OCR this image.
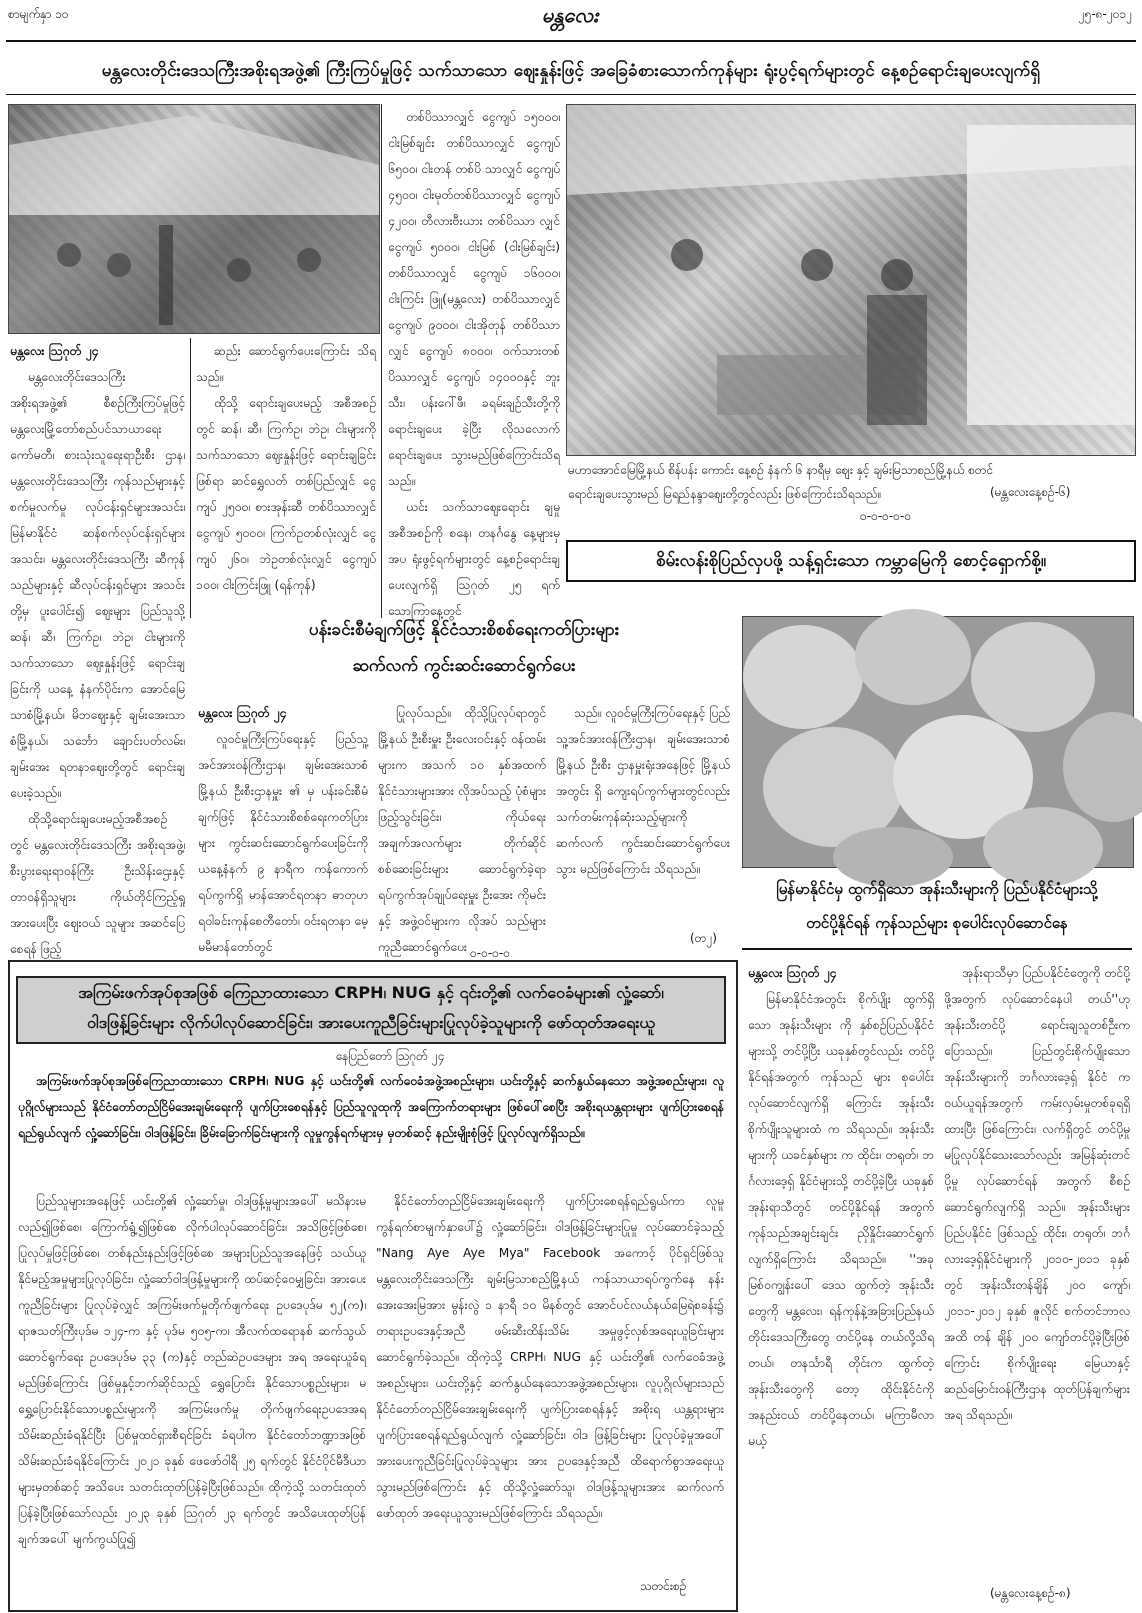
စာမျက်နှာ ၁၀	မန္တလေး	၂၅-၈-၂၀၁၂
မန္တလေးတိုင်းဒေသကြီးအစိုးရအဖွဲ့၏ ကြီးကြပ်မှုဖြင့် သက်သာသော ဈေးနှုန်းဖြင့် အခြေခံစားသောက်ကုန်များ ရုံးပွင့်ရက်များတွင် နေ့စဉ်ရောင်းချပေးလျက်ရှိ
မန္တလေး ဩဂုတ် ၂၄

မန္တလေးတိုင်းဒေသကြီး အစိုးရအဖွဲ့၏ စီစဉ်ကြီးကြပ်မှုဖြင့် မန္တလေးမြို့တော်စည်ပင်သာယာရေး ကော်မတီ၊ စားသုံးသူရေးရာဦးစီး ဌာန၊ မန္တလေးတိုင်းဒေသကြီး ကုန်သည်များနှင့် စက်မှုလက်မှု လုပ်ငန်းရှင်များအသင်း၊ မြန်မာနိုင်ငံ ဆန်စက်လုပ်ငန်းရှင်များအသင်း၊ မန္တလေးတိုင်းဒေသကြီး ဆီကုန် သည်များနှင့် ဆီလုပ်ငန်းရှင်များ အသင်းတို့မှ ပူးပေါင်း၍ ဈေးများ ပြည်သူသို့ ဆန်၊ ဆီ၊ ကြက်ဥ၊ ဘဲဥ၊ ငါးများကို သက်သာသော ဈေးနှုန်းဖြင့် ရောင်းချခြင်းကို ယနေ့ နံနက်ပိုင်းက အောင်မြေ သာစံမြို့နယ်၊ မိဘဈေးနှင့် ချမ်းအေးသာစံမြို့နယ်၊ သင်္ဘော ချောင်းပတ်လမ်း၊ ချမ်းအေး ရတနာဈေးတို့တွင် ရောင်းချ ပေးခဲ့သည်။

ထိုသို့ရောင်းချပေးမည့်အစီအစဉ် တွင် မန္တလေးတိုင်းဒေသကြီး အစိုးရအဖွဲ့၊ စီးပွားရေးရာဝန်ကြီး ဦးသိန်းဌေးနှင့် တာဝန်ရှိသူများ ကိုယ်တိုင်ကြည့်ရှုအားပေးပြီး ဈေးဝယ် သူများ အဆင်ပြေစေရန် ဖြည့်

ဆည်း ဆောင်ရွက်ပေးကြောင်း သိရသည်။

ထိုသို့ ရောင်းချပေးမည့် အစီအစဉ်တွင် ဆန်၊ ဆီ၊ ကြက်ဥ၊ ဘဲဥ၊ ငါးများကို သက်သာသော ဈေးနှုန်းဖြင့် ရောင်းချခြင်းဖြစ်ရာ ဆင်ရွှေလတ် တစ်ပြည်လျှင် ငွေကျပ် ၂၅၀၀၊ စားအုန်းဆီ တစ်ပိဿာလျှင် ငွေကျပ် ၅၀၀၀၊ ကြက်ဥတစ်လုံးလျှင် ငွေကျပ် ၂၆၀၊ ဘဲဥတစ်လုံးလျှင် ငွေကျပ် ၁၀၀၊ ငါးကြင်းဖြူ (ရန်ကုန်)

တစ်ပိဿာလျှင် ငွေကျပ် ၁၅၀၀၀၊ ငါးမြစ်ချင်း တစ်ပိဿာလျှင် ငွေကျပ် ၆၅၀၀၊ ငါးတန် တစ်ပိ သာလျှင် ငွေကျပ် ၄၅၀၀၊ ငါးမုတ်တစ်ပိဿာလျှင် ငွေကျပ် ၄၂၀၀၊ တီလားဗီးယား တစ်ပိဿာ လျှင် ငွေကျပ် ၅၀၀၀၊ ငါးမြစ် (ငါးမြစ်ချင်း) တစ်ပိဿာလျှင် ငွေကျပ် ၁၆၀၀၀၊ ငါးကြင်း ဖြူ(မန္တလေး) တစ်ပိဿာလျှင် ငွေကျပ် ၉၀၀၀၊ ငါးအိုတုန် တစ်ပိဿာလျှင် ငွေကျပ် ၈၀၀၀၊ ဝက်သားတစ်ပိဿာလျှင် ငွေကျပ် ၁၄၀၀၀နှင့် ဘူးသီး၊ ပန်းဂေါ်ဖီ၊ ခရမ်းချဉ်သီးတို့ကို ရောင်းချပေး ခဲ့ပြီး လိုသလောက် ရောင်းချပေး သွားမည်ဖြစ်ကြောင်းသိရသည်။

ယင်း သက်သာဈေးရောင်း ချမှုအစီအစဉ်ကို စနေ၊ တနင်္ဂနွေ နေ့များမှအပ ရုံးဖွင့်ရက်များတွင် နေ့စဉ်ရောင်းချပေးလျက်ရှိ ဩဂုတ် ၂၅ ရက် သောကြာနေ့တွင်

မဟာအောင်မြေမြို့နယ် စိန်ပန်း ကောင်း နေ့စဉ် နံနက် ၆ နာရီမှ ဈေး နှင့် ချမ်းမြသာစည်မြို့နယ် စတင် ရောင်းချပေးသွားမည် မြရည်နန္ဒာဈေးတို့တွင်လည်း ဖြစ်ကြောင်းသိရသည်။	(မန္တလေးနေ့စဉ်-၆)
၀-၀-၀-၀-၀
စိမ်းလန်းစိုပြည်လှပဖို့ သန့်ရှင်းသော ကမ္ဘာမြေကို စောင့်ရှောက်စို့။
ပန်းခင်းစီမံချက်ဖြင့် နိုင်ငံသားစိစစ်ရေးကတ်ပြားများ
ဆက်လက် ကွင်းဆင်းဆောင်ရွက်ပေး
မန္တလေး ဩဂုတ် ၂၄

လူဝင်မှုကြီးကြပ်ရေးနှင့် ပြည်သူ့အင်အားဝန်ကြီးဌာန၊ ချမ်းအေးသာစံမြို့နယ် ဦးစီးဌာနမှူး ၏ မှ ပန်းခင်းစီမံချက်ဖြင့် နိုင်ငံသားစိစစ်ရေးကတ်ပြားများ ကွင်းဆင်းဆောင်ရွက်ပေးခြင်းကို ယနေ့နံနက် ၉ နာရီက ကန်ကောက် ရပ်ကွက်ရှိ မာန်အောင်ရတနာ ဓာတုဟရဝါခင်းကုန်စေတီတော်၊ ဝင်းရတနာ မေ့မမီမာန်တော်တွင်

ပြုလုပ်သည်။ ထိုသို့ပြုလုပ်ရာတွင် မြို့နယ် ဦးစီးမှူး ဦးလေးဝင်းနှင့် ဝန်ထမ်း များက အသက် ၁၀ နှစ်အထက် နိုင်ငံသားများအား လိုအပ်သည့် ပုံစံများဖြည့်သွင်းခြင်း၊ ကိုယ်ရေး အချက်အလက်များ တိုက်ဆိုင် စစ်ဆေးခြင်းများ ဆောင်ရွက်ခဲ့ရာ ရပ်ကွက်အုပ်ချုပ်ရေးမှူး ဦးအေး ကိုမင်းနှင့် အဖွဲ့ဝင်များက လိုအပ် သည်များ ကူညီဆောင်ရွက်ပေး

သည်။ လူဝင်မှုကြီးကြပ်ရေးနှင့် ပြည်သူ့အင်အားဝန်ကြီးဌာန၊ ချမ်းအေးသာစံမြို့နယ် ဦးစီး ဌာနမှူးရုံးအနေဖြင့် မြို့နယ်အတွင်း ရှိ ကျေးရပ်ကွက်များတွင်လည်း သက်တမ်းကုန်ဆုံးသည့်များကိုဆက်လက် ကွင်းဆင်းဆောင်ရွက်ပေးသွား မည်ဖြစ်ကြောင်း သိရသည်။

(တ၂)
၀-၀-၀-၀
မြန်မာနိုင်ငံမှ ထွက်ရှိသော အုန်းသီးများကို ပြည်ပနိုင်ငံများသို့
တင်ပို့နိုင်ရန် ကုန်သည်များ စုပေါင်းလုပ်ဆောင်နေ
မန္တလေး ဩဂုတ် ၂၄

မြန်မာနိုင်ငံအတွင်း စိုက်ပျိုး ထွက်ရှိသော အုန်းသီးများ ကို နှစ်စဉ်ပြည်ပနိုင်ငံများသို့ တင်ပို့ပြီး ယခုနှစ်တွင်လည်း တင်ပို့နိုင်ရန်အတွက် ကုန်သည် များ စုပေါင်းလုပ်ဆောင်လျက်ရှိ ကြောင်း အုန်းသီးစိုက်ပျိုးသူများထံ က သိရသည်။ အုန်းသီးများကို ယခင်နှစ်များ က ထိုင်း၊ တရုတ်၊ ဘင်္ဂလားဒေ့ရှ် နိုင်ငံများသို့ တင်ပို့ခဲ့ပြီး ယခုနှစ် အုန်းရာသီတွင် တင်ပို့နိုင်ရန် အတွက် ကုန်သည်အချင်းချင်း ညှိနှိုင်းဆောင်ရွက်လျက်ရှိကြောင်း သိရသည်။ ''အခု မြစ်ဝကျွန်းပေါ် ဒေသ ထွက်တဲ့ အုန်းသီးတွေကို မန္တလေး၊ ရန်ကုန်နဲ့အခြားပြည်နယ် တိုင်းဒေသကြီးတွေ တင်ပို့နေ တယ်လို့သိရတယ်၊ တနင်္သာရီ တိုင်းက ထွက်တဲ့ အုန်းသီးတွေကို တော့ ထိုင်းနိုင်ငံကိုအနည်းငယ် တင်ပို့နေတယ်၊ မကြာမီလာမယ့်

အုန်းရာသီမှာ ပြည်ပနိုင်ငံတွေကို တင်ပို့ဖို့အတွက် လုပ်ဆောင်နေပါ တယ်''ဟု အုန်းသီးတင်ပို့ ရောင်းချသူတစ်ဦးကပြောသည်။ ပြည်တွင်းစိုက်ပျိုးသော အုန်းသီးများကို ဘင်္ဂလားဒေ့ရှ် နိုင်ငံ က ဝယ်ယူရန်အတွက် ကမ်းလှမ်းမှုတစ်ခုရရှိထားပြီး ဖြစ်ကြောင်း၊ လက်ရှိတွင် တင်ပို့မှု မပြုလုပ်နိုင်သေးသော်လည်း အမြန်ဆုံးတင်ပို့မှု လုပ်ဆောင်ရန် အတွက် စီစဉ်ဆောင်ရွက်လျက်ရှိ သည်။ အုန်းသီးများ ပြည်ပနိုင်ငံ ဖြစ်သည့် ထိုင်း၊ တရုတ်၊ ဘင်္ဂလားဒေ့ရှ်နိုင်ငံများကို ၂၀၁၀-၂၀၁၁ ခုနှစ်တွင် အုန်းသီးတန်ချိန် ၂၀၀ ကျော်၊ ၂၀၁၁-၂၀၁၂ ခုနှစ် ဇူလိုင် စက်တင်ဘာလအထိ တန် ချိန် ၂၀၀ ကျော်တင်ပို့ခဲ့ပြီးဖြစ် ကြောင်း စိုက်ပျိုးရေး မြေယာနှင့် ဆည်မြောင်းဝန်ကြီးဌာန ထုတ်ပြန်ချက်များအရ သိရသည်။

(မန္တလေးနေ့စဉ်-၈)
အကြမ်းဖက်အုပ်စုအဖြစ် ကြေညာထားသော CRPH၊ NUG နှင့် ၎င်းတို့၏ လက်ဝေခံများ၏ လှုံ့ဆော်၊
ဝါဒဖြန့်ခြင်းများ လိုက်ပါလုပ်ဆောင်ခြင်း၊ အားပေးကူညီခြင်းများပြုလုပ်ခဲ့သူများကို ဖော်ထုတ်အရေးယူ
နေပြည်တော် ဩဂုတ် ၂၄

အကြမ်းဖက်အုပ်စုအဖြစ်ကြေညာထားသော CRPH၊ NUG နှင့် ယင်းတို့၏ လက်ဝေခံအဖွဲ့အစည်းများ၊ ယင်းတို့နှင့် ဆက်နွယ်နေသော အဖွဲ့အစည်းများ၊ လူပုဂ္ဂိုလ်များသည် နိုင်ငံတော်တည်ငြိမ်အေးချမ်းရေးကို ပျက်ပြားစေရန်နှင့် ပြည်သူလူထုကို အကြောက်တရားများ ဖြစ်ပေါ်စေပြီး အစိုးရယန္တရားများ ပျက်ပြားစေရန်ရည်ရွယ်လျက် လှုံ့ဆော်ခြင်း၊ ဝါဒဖြန့်ခြင်း၊ ခြိမ်းခြောက်ခြင်းများကို လူမှုကွန်ရက်များမှ မှတစ်ဆင့် နည်းမျိုးစုံဖြင့် ပြုလုပ်လျက်ရှိသည်။

ပြည်သူများအနေဖြင့် ယင်းတို့၏ လှုံ့ဆော်မှု၊ ဝါဒဖြန့်မှုများအပေါ် မသိနားမလည်၍ဖြစ်စေ၊ ကြောက်ရွံ့၍ဖြစ်စေ လိုက်ပါလုပ်ဆောင်ခြင်း၊ အသိဖြင့်ဖြစ်စေ၊ ပြုလုပ်မှုဖြင့်ဖြစ်စေ၊ တစ်နည်းနည်းဖြင့်ဖြစ်စေ အများပြည်သူအနေဖြင့် သယ်ယူနိုင်မည့်အမှုများပြုလုပ်ခြင်း၊ လှုံ့ဆော်ဝါဒဖြန့်မှုများကို ထပ်ဆင့်ဝေမျှခြင်း၊ အားပေးကူညီခြင်းများ ပြုလုပ်ခဲ့လျှင် အကြမ်းဖက်မှုတိုက်ဖျက်ရေး ဥပဒေပုဒ်မ ၅၂(က)၊ ရာဇသတ်ကြီးပုဒ်မ ၁၂၄-က နှင့် ပုဒ်မ ၅၀၅-က၊ အီလက်ထရောနစ် ဆက်သွယ်ဆောင်ရွက်ရေး ဥပဒေပုဒ်မ ၃၃ (က)နှင့် တည်ဆဲဥပဒေများ အရ အရေးယူခံရမည်ဖြစ်ကြောင်း ဖြစ်မှုနှင့်ဘက်ဆိုင်သည့် ရွှေပြောင်း နိုင်သောပစ္စည်းများ၊ မရွှေ့ပြောင်းနိုင်သောပစ္စည်းများကို အကြမ်းဖက်မှု တိုက်ဖျက်ရေးဥပဒေအရ သိမ်းဆည်းခံရနိုင်ပြီး ပြစ်မှုထင်ရှားစီရင်ခြင်း ခံရပါက နိုင်ငံတော်ဘဏ္ဍာအဖြစ် သိမ်းဆည်းခံရနိုင်ကြောင်း ၂၀၂၁ ခုနှစ် ဖေဖော်ဝါရီ ၂၅ ရက်တွင် နိုင်ငံပိုင်မီဒီယာများမှတစ်ဆင့် အသိပေး သတင်းထုတ်ပြန်ခဲ့ပြီးဖြစ်သည်။ ထိုကဲ့သို့ သတင်းထုတ်ပြန်ခဲ့ပြီးဖြစ်သော်လည်း ၂၀၂၃ ခုနှစ် ဩဂုတ် ၂၃ ရက်တွင် အသိပေးထုတ်ပြန်ချက်အပေါ် မျက်ကွယ်ပြု၍

နိုင်ငံတော်တည်ငြိမ်အေးချမ်းရေးကို ပျက်ပြားစေရန်ရည်ရွယ်ကာ လူမှုကွန်ရက်စာမျက်နှာပေါ်၌ လှုံ့ဆော်ခြင်း၊ ဝါဒဖြန့်ခြင်းများပြုမှု လုပ်ဆောင်ခဲ့သည့် "Nang Aye Aye Mya" Facebook အကောင့် ပိုင်ရှင်ဖြစ်သူ မန္တလေးတိုင်းဒေသကြီး ချမ်းမြသာစည်မြို့နယ် ကန်သာယာရပ်ကွက်နေ နန်းအေးအေးမြအား မွန်းလွဲ ၁ နာရီ ၁၀ မိနစ်တွင် အောင်ပင်လယ်နယ်မြေရဲစခန်း၌ တရားဥပဒေနှင့်အညီ ဖမ်းဆီးထိန်းသိမ်း အမှုဖွင့်လှစ်အရေးယူခြင်းများ ဆောင်ရွက်ခဲ့သည်။ ထိုကဲ့သို့ CRPH၊ NUG နှင့် ယင်းတို့၏ လက်ဝေခံအဖွဲ့အစည်းများ၊ ယင်းတို့နှင့် ဆက်နွယ်နေသောအဖွဲ့အစည်းများ၊ လူပုဂ္ဂိုလ်များသည် နိုင်ငံတော်တည်ငြိမ်အေးချမ်းရေးကို ပျက်ပြားစေရန်နှင့် အစိုးရ ယန္တရားများ ပျက်ပြားစေရန်ရည်ရွယ်လျက် လှုံ့ဆော်ခြင်း၊ ဝါဒ ဖြန့်ခြင်းများ ပြုလုပ်ခဲ့မှုအပေါ် အားပေးကူညီခြင်းပြုလုပ်ခဲ့သူများ အား ဥပဒေနှင့်အညီ ထိရောက်စွာအရေးယူသွားမည်ဖြစ်ကြောင်း နှင့် ထိုသို့လှုံ့ဆော်သူ၊ ဝါဒဖြန့်သူများအား ဆက်လက်ဖော်ထုတ် အရေးယူသွားမည်ဖြစ်ကြောင်း သိရသည်။

သတင်းစဉ်
